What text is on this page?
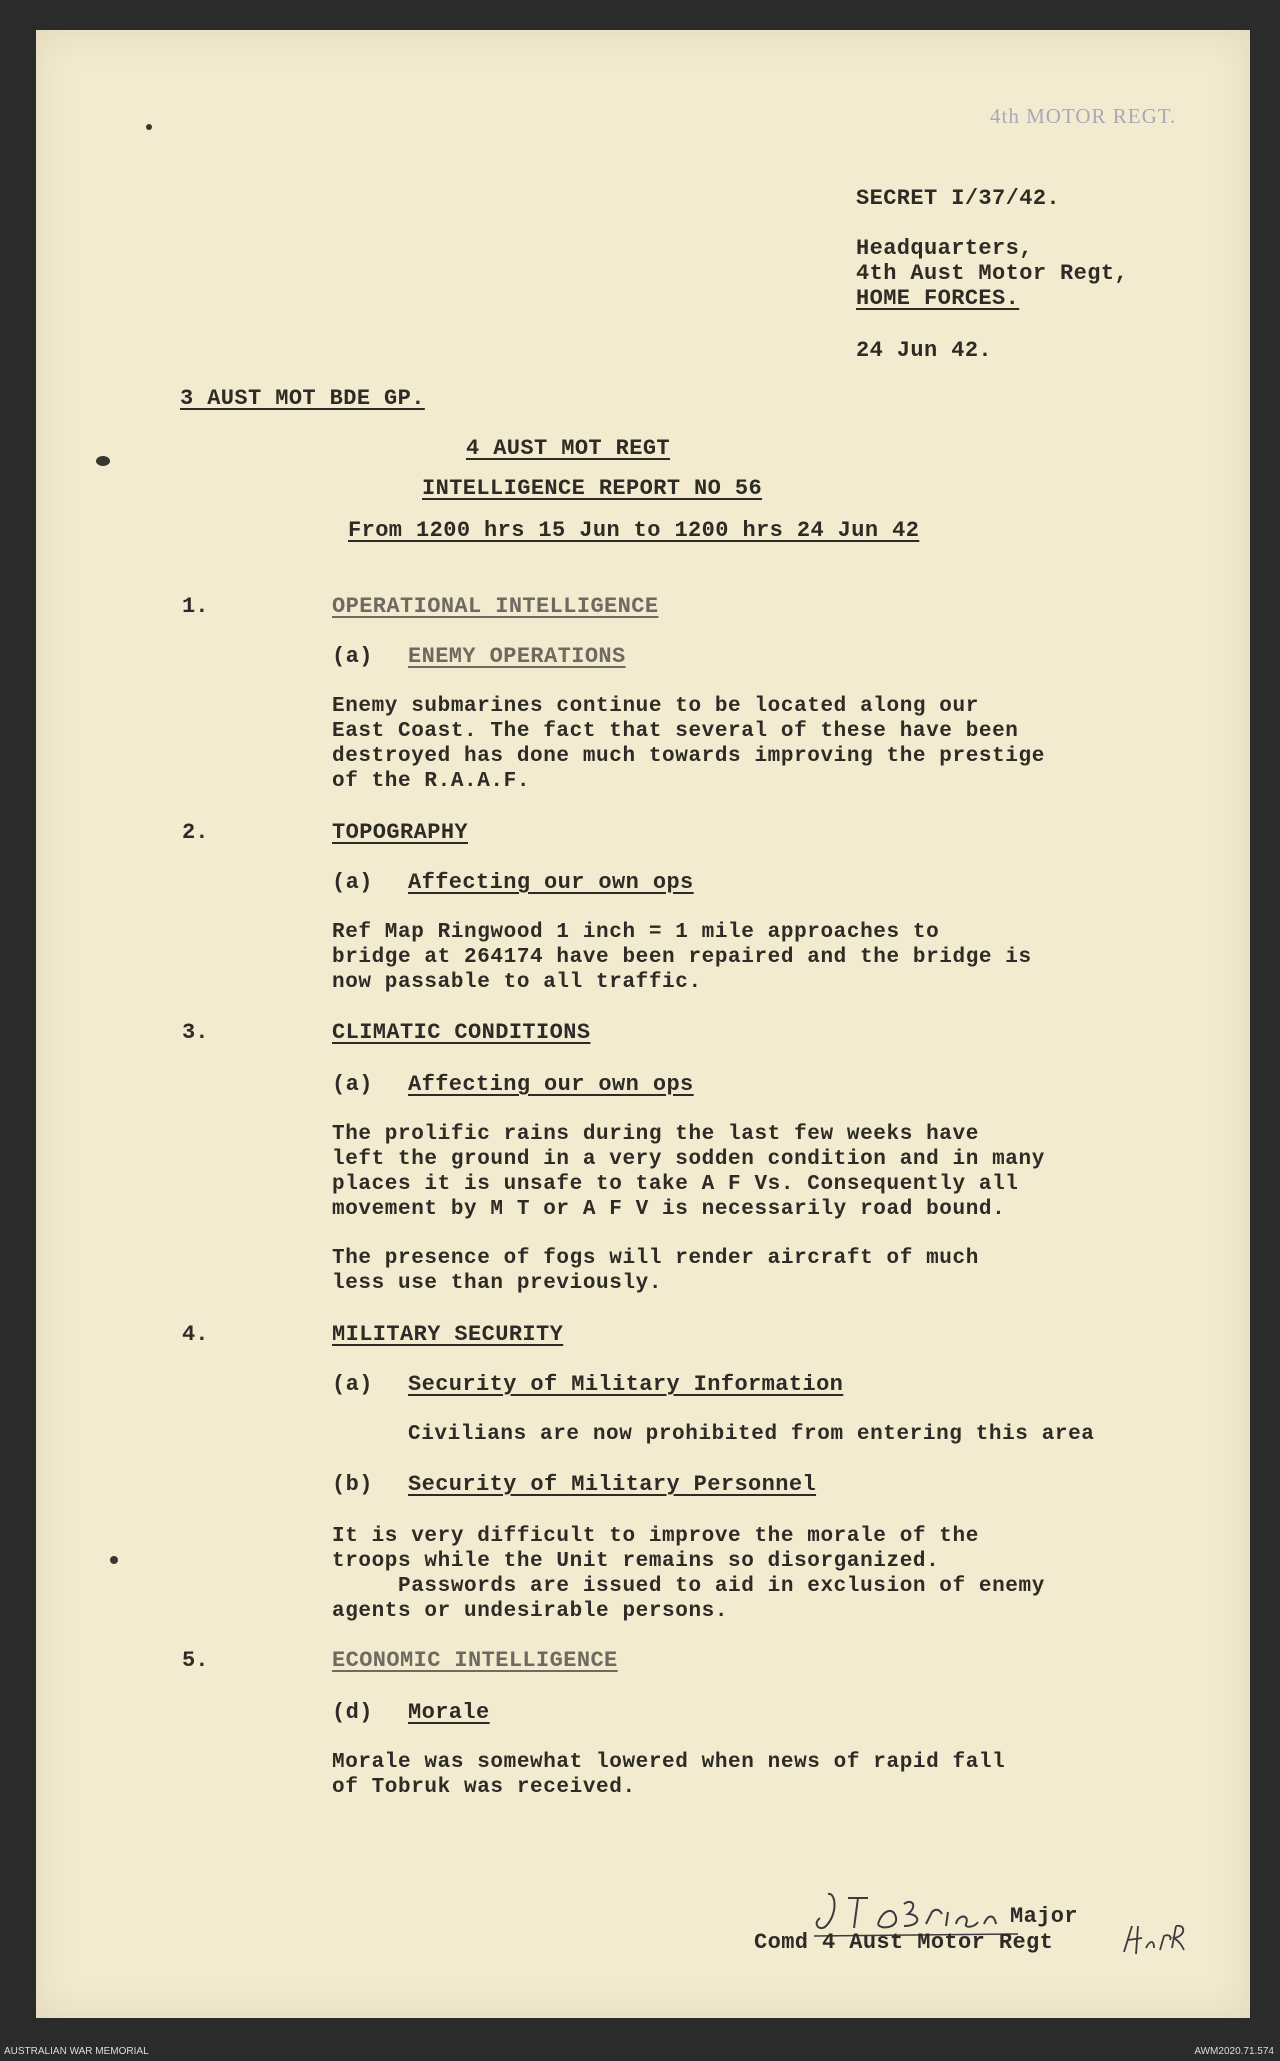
4th MOTOR REGT.
SECRET I/37/42.
Headquarters,
4th Aust Motor Regt,
HOME FORCES.
24 Jun 42.
3 AUST MOT BDE GP.
4 AUST MOT REGT
INTELLIGENCE REPORT NO 56
From 1200 hrs 15 Jun to 1200 hrs 24 Jun 42
1.	OPERATIONAL INTELLIGENCE
(a) ENEMY OPERATIONS
Enemy submarines continue to be located along our
East Coast. The fact that several of these have been
destroyed has done much towards improving the prestige
of the R.A.A.F.
2.	TOPOGRAPHY
(a) Affecting our own ops
Ref Map Ringwood 1 inch = 1 mile approaches to
bridge at 264174 have been repaired and the bridge is
now passable to all traffic.
3.	CLIMATIC CONDITIONS
(a) Affecting our own ops
The prolific rains during the last few weeks have
left the ground in a very sodden condition and in many
places it is unsafe to take A F Vs. Consequently all
movement by M T or A F V is necessarily road bound.
The presence of fogs will render aircraft of much
less use than previously.
4.	MILITARY SECURITY
(a) Security of Military Information
Civilians are now prohibited from entering this area
(b) Security of Military Personnel
It is very difficult to improve the morale of the
troops while the Unit remains so disorganized.
Passwords are issued to aid in exclusion of enemy
agents or undesirable persons.
5.	ECONOMIC INTELLIGENCE
(d) Morale
Morale was somewhat lowered when news of rapid fall
of Tobruk was received.
Major
Comd 4 Aust Motor Regt
AUSTRALIAN WAR MEMORIAL	AWM2020.71.574
